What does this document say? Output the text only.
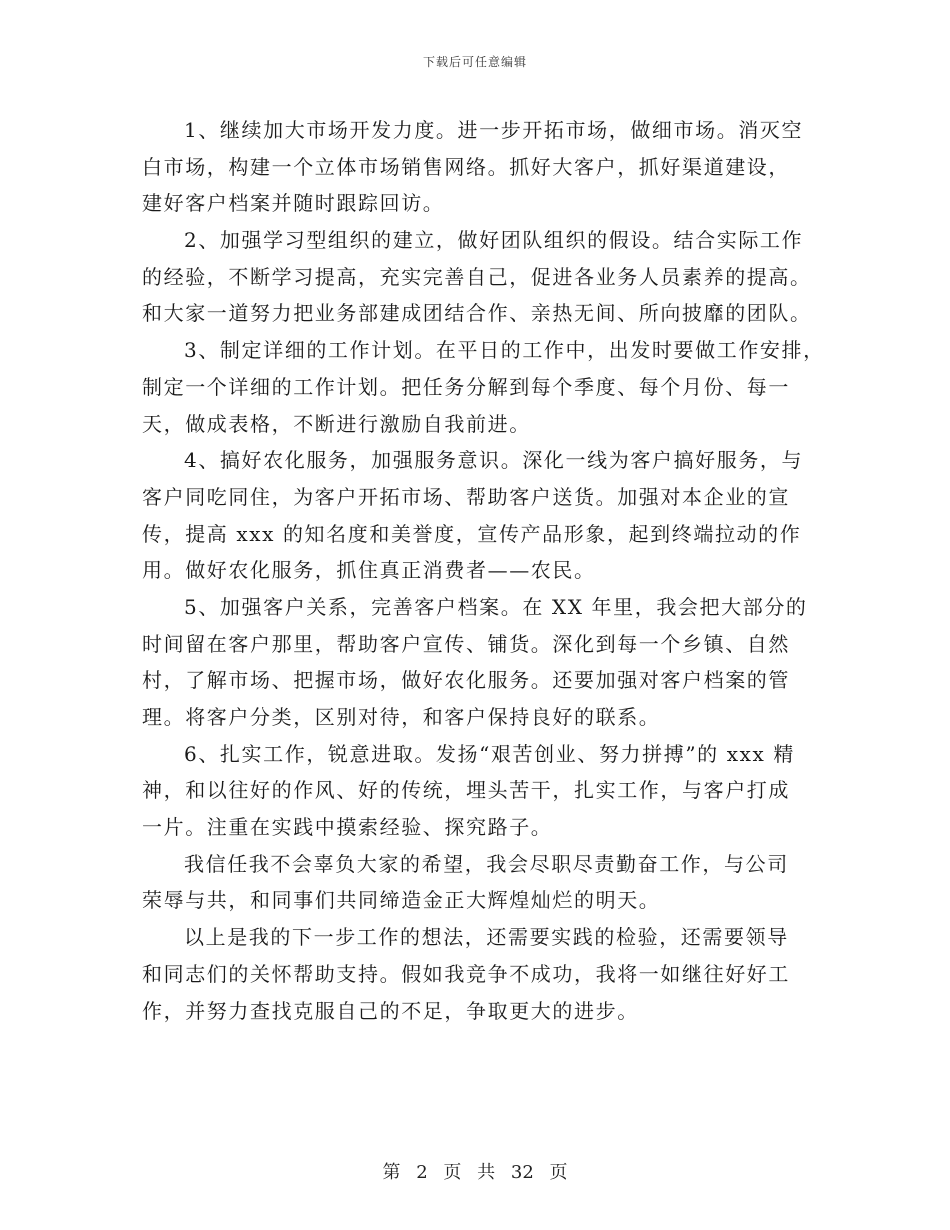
下载后可任意编辑
1、继续加大市场开发力度。进一步开拓市场，做细市场。消灭空
白市场，构建一个立体市场销售网络。抓好大客户，抓好渠道建设，
建好客户档案并随时跟踪回访。
2、加强学习型组织的建立，做好团队组织的假设。结合实际工作
的经验，不断学习提高，充实完善自己，促进各业务人员素养的提高。
和大家一道努力把业务部建成团结合作、亲热无间、所向披靡的团队。
3、制定详细的工作计划。在平日的工作中，出发时要做工作安排，
制定一个详细的工作计划。把任务分解到每个季度、每个月份、每一
天，做成表格，不断进行激励自我前进。
4、搞好农化服务，加强服务意识。深化一线为客户搞好服务，与
客户同吃同住，为客户开拓市场、帮助客户送货。加强对本企业的宣
传，提高 xxx 的知名度和美誉度，宣传产品形象，起到终端拉动的作
用。做好农化服务，抓住真正消费者——农民。
5、加强客户关系，完善客户档案。在 XX 年里，我会把大部分的
时间留在客户那里，帮助客户宣传、铺货。深化到每一个乡镇、自然
村，了解市场、把握市场，做好农化服务。还要加强对客户档案的管
理。将客户分类，区别对待，和客户保持良好的联系。
6、扎实工作，锐意进取。发扬“艰苦创业、努力拼搏”的 xxx 精
神，和以往好的作风、好的传统，埋头苦干，扎实工作，与客户打成
一片。注重在实践中摸索经验、探究路子。
我信任我不会辜负大家的希望，我会尽职尽责勤奋工作，与公司
荣辱与共，和同事们共同缔造金正大辉煌灿烂的明天。
以上是我的下一步工作的想法，还需要实践的检验，还需要领导
和同志们的关怀帮助支持。假如我竞争不成功，我将一如继往好好工
作，并努力查找克服自己的不足，争取更大的进步。
第 2 页 共 32 页
